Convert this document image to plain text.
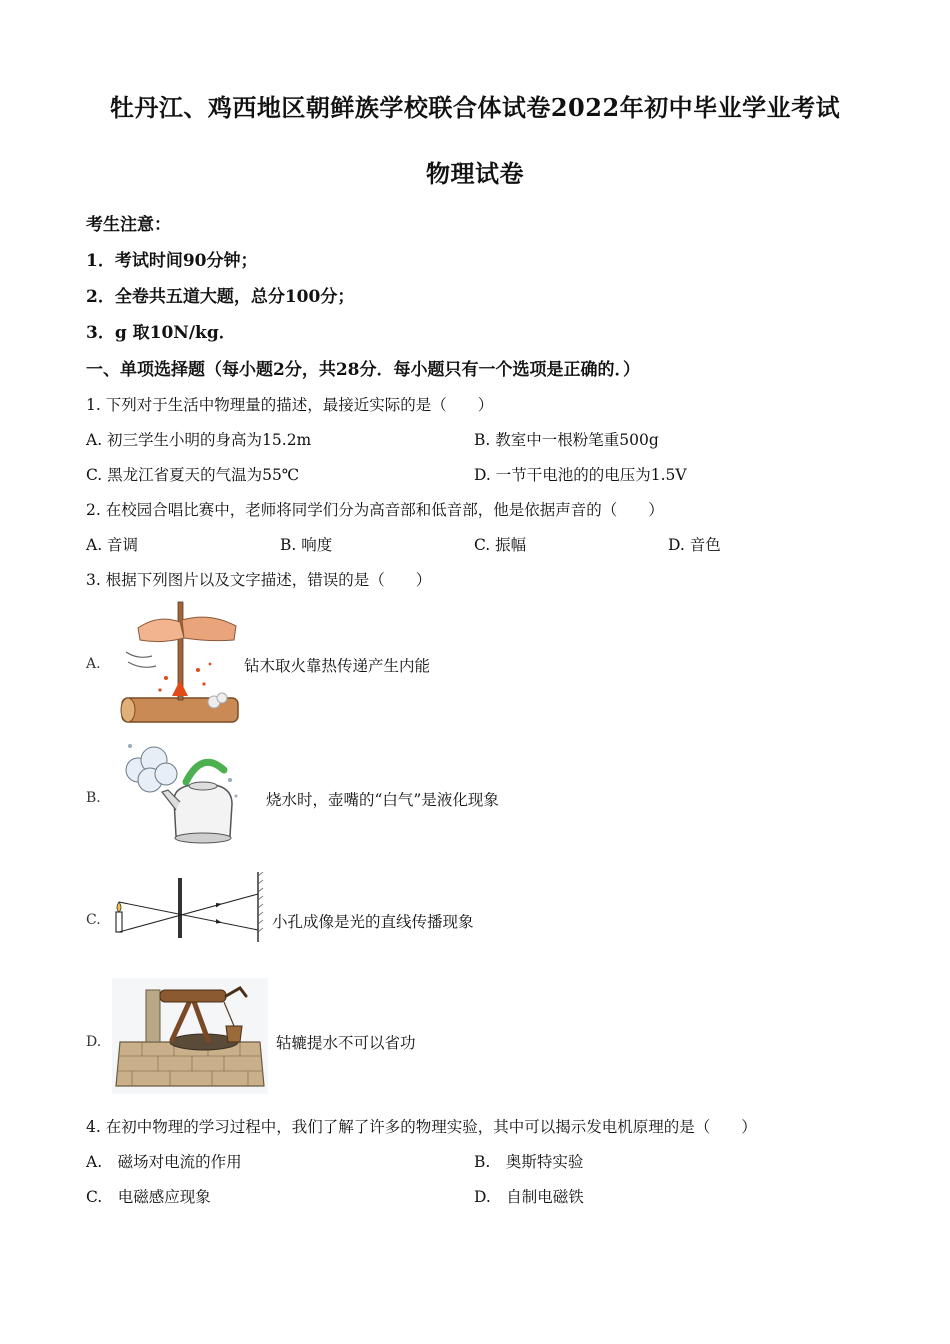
牡丹江、鸡西地区朝鲜族学校联合体试卷2022年初中毕业学业考试
物理试卷
考生注意：
1．考试时间90分钟；
2．全卷共五道大题，总分100分；
3．g 取10N/kg．
一、单项选择题（每小题2分，共28分．每小题只有一个选项是正确的．）
1. 下列对于生活中物理量的描述，最接近实际的是（　　）
A. 初三学生小明的身高为15.2m	B. 教室中一根粉笔重500g
C. 黑龙江省夏天的气温为55℃	D. 一节干电池的的电压为1.5V
2. 在校园合唱比赛中，老师将同学们分为高音部和低音部，他是依据声音的（　　）
A. 音调	B. 响度	C. 振幅	D. 音色
3. 根据下列图片以及文字描述，错误的是（　　）
A.	钻木取火靠热传递产生内能
B.	烧水时，壶嘴的“白气”是液化现象
C.	小孔成像是光的直线传播现象
D.	轱辘提水不可以省功
4. 在初中物理的学习过程中，我们了解了许多的物理实验，其中可以揭示发电机原理的是（　　）
A.　磁场对电流的作用	B.　奥斯特实验
C.　电磁感应现象	D.　自制电磁铁
